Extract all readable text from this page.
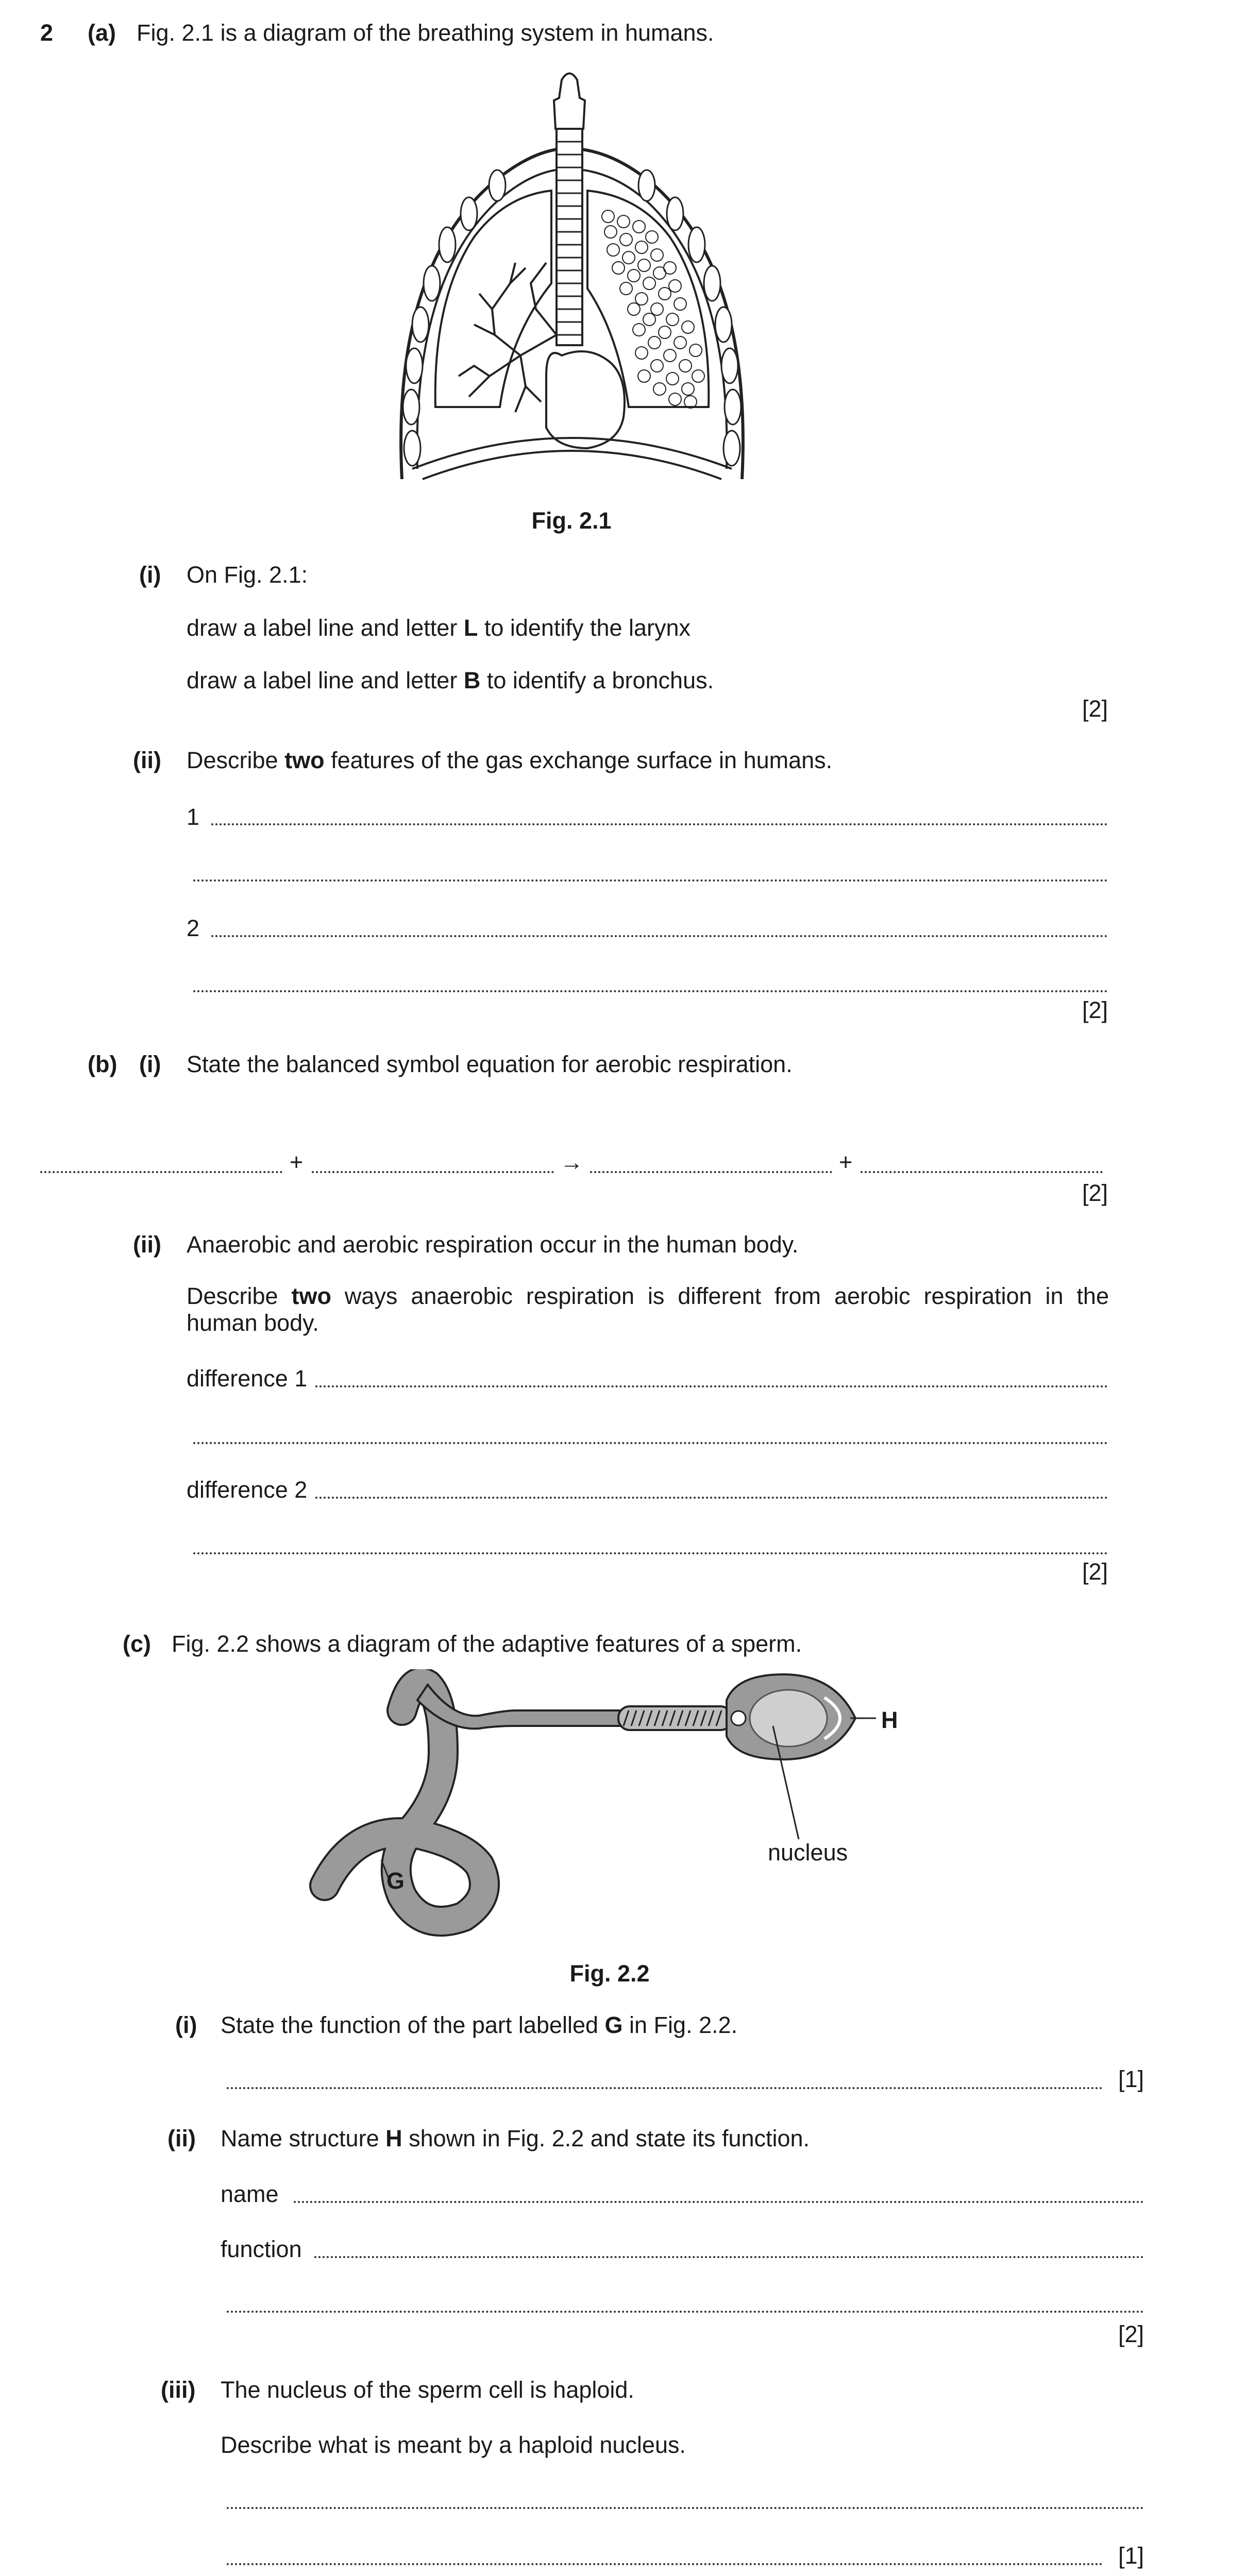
2 (a) Fig. 2.1 is a diagram of the breathing system in humans.
Fig. 2.1
(i) On Fig. 2.1:
draw a label line and letter L to identify the larynx
draw a label line and letter B to identify a bronchus.
[2]
(ii) Describe two features of the gas exchange surface in humans.
1
2
[2]
(b) (i) State the balanced symbol equation for aerobic respiration.
+	→	+
[2]
(ii) Anaerobic and aerobic respiration occur in the human body.
Describe two ways anaerobic respiration is different from aerobic respiration in the human body.
difference 1
difference 2
[2]
(c) Fig. 2.2 shows a diagram of the adaptive features of a sperm.
H
nucleus
G
Fig. 2.2
(i) State the function of the part labelled G in Fig. 2.2.
[1]
(ii) Name structure H shown in Fig. 2.2 and state its function.
name
function
[2]
(iii) The nucleus of the sperm cell is haploid.
Describe what is meant by a haploid nucleus.
[1]
